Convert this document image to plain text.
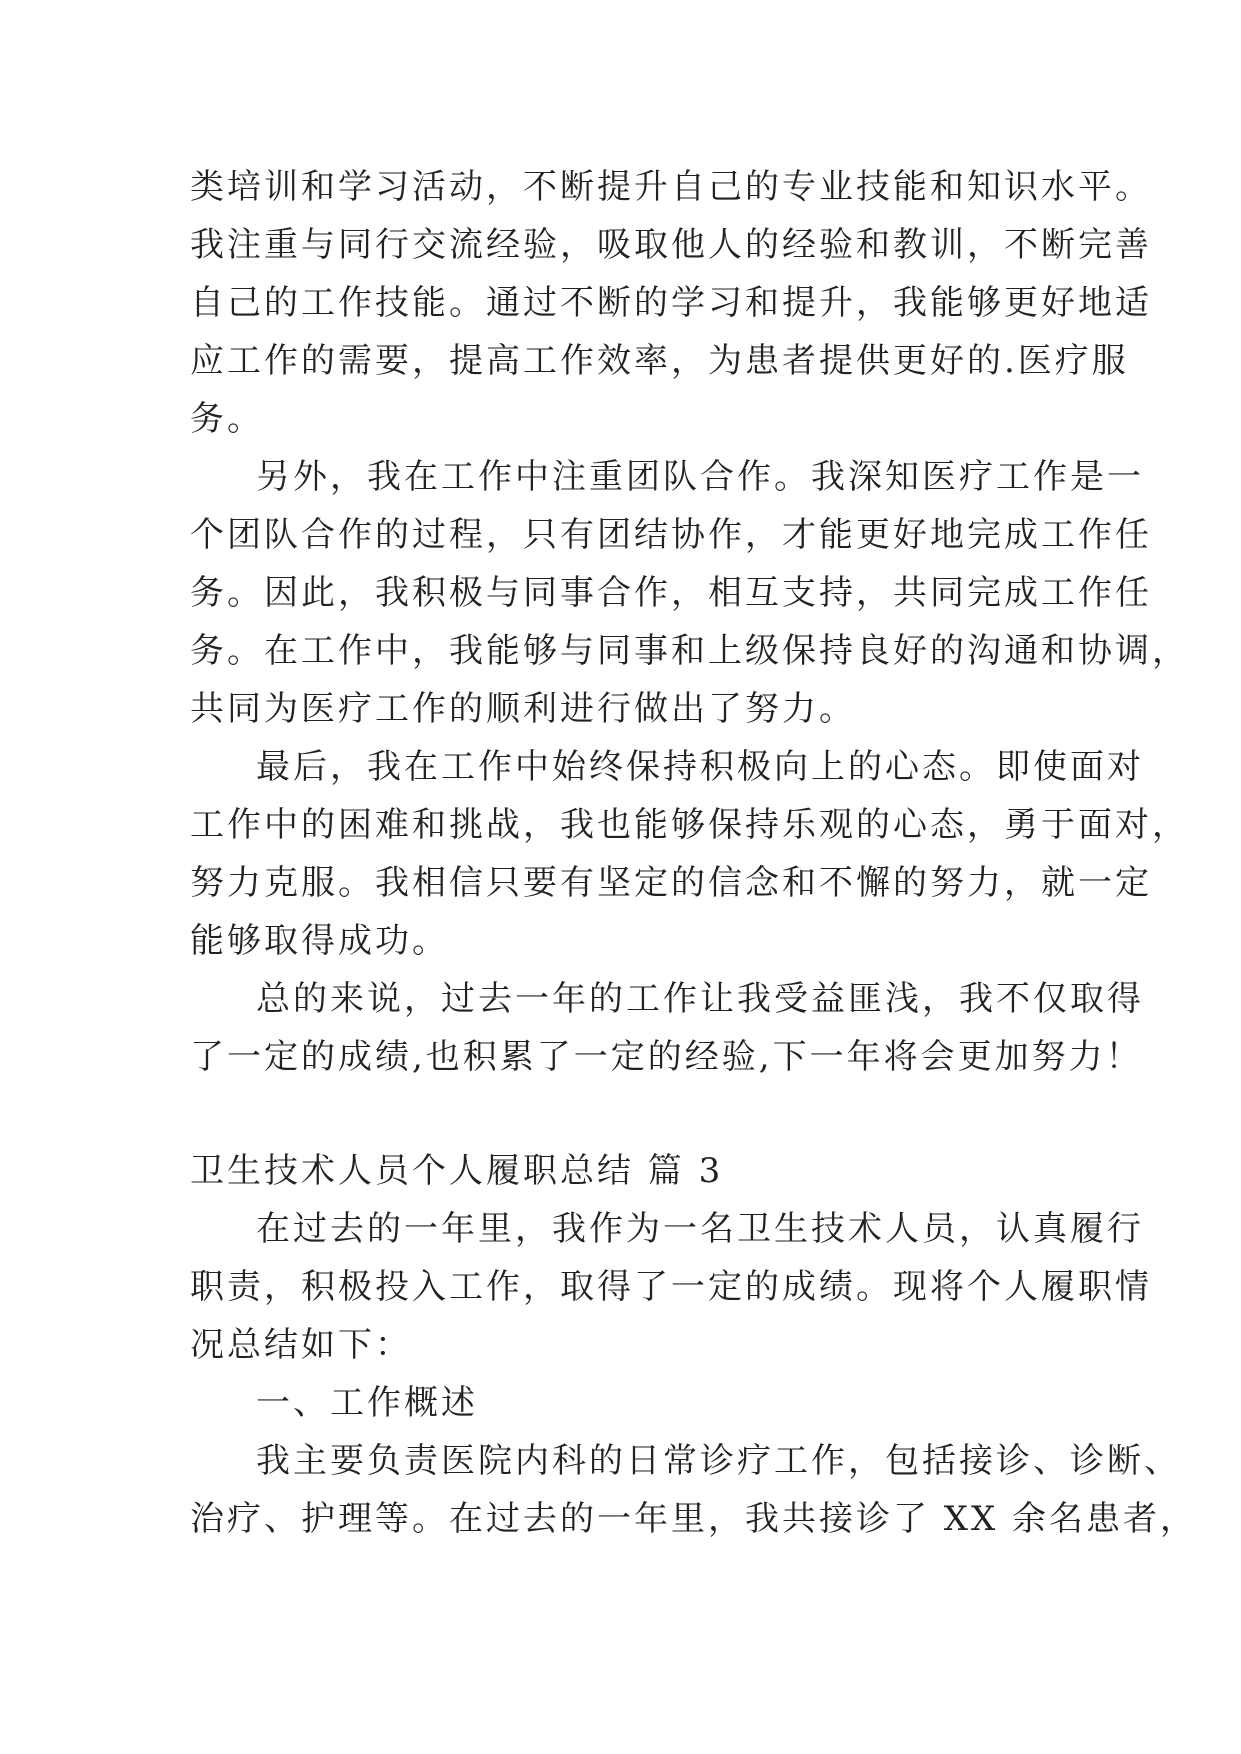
类培训和学习活动，不断提升自己的专业技能和知识水平。
我注重与同行交流经验，吸取他人的经验和教训，不断完善
自己的工作技能。通过不断的学习和提升，我能够更好地适
应工作的需要，提高工作效率，为患者提供更好的.医疗服
务。
另外，我在工作中注重团队合作。我深知医疗工作是一
个团队合作的过程，只有团结协作，才能更好地完成工作任
务。因此，我积极与同事合作，相互支持，共同完成工作任
务。在工作中，我能够与同事和上级保持良好的沟通和协调，
共同为医疗工作的顺利进行做出了努力。
最后，我在工作中始终保持积极向上的心态。即使面对
工作中的困难和挑战，我也能够保持乐观的心态，勇于面对，
努力克服。我相信只要有坚定的信念和不懈的努力，就一定
能够取得成功。
总的来说，过去一年的工作让我受益匪浅，我不仅取得
了一定的成绩,也积累了一定的经验,下一年将会更加努力！
卫生技术人员个人履职总结 篇 3
在过去的一年里，我作为一名卫生技术人员，认真履行
职责，积极投入工作，取得了一定的成绩。现将个人履职情
况总结如下：
一、工作概述
我主要负责医院内科的日常诊疗工作，包括接诊、诊断、
治疗、护理等。在过去的一年里，我共接诊了 XX 余名患者，
